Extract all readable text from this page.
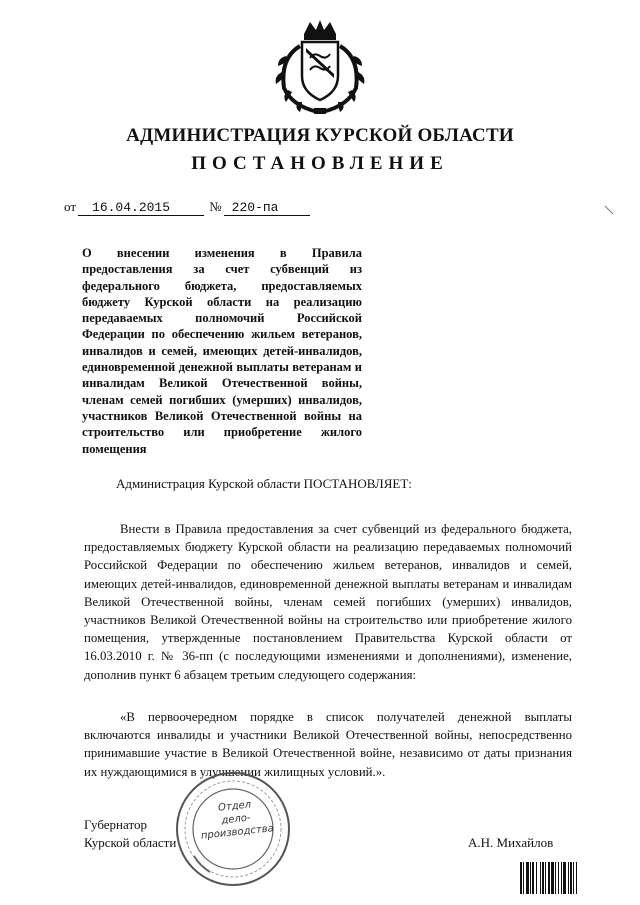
АДМИНИСТРАЦИЯ КУРСКОЙ ОБЛАСТИ
ПОСТАНОВЛЕНИЕ
от 16.04.2015	№ 220-па
О внесении изменения в Правила предоставления за счет субвенций из федерального бюджета, предоставляемых бюджету Курской области на реализацию передаваемых полномочий Российской Федерации по обеспечению жильем ветеранов, инвалидов и семей, имеющих детей-инвалидов, единовременной денежной выплаты ветеранам и инвалидам Великой Отечественной войны, членам семей погибших (умерших) инвалидов, участников Великой Отечественной войны на строительство или приобретение жилого помещения
Администрация Курской области ПОСТАНОВЛЯЕТ:
Внести в Правила предоставления за счет субвенций из федерального бюджета, предоставляемых бюджету Курской области на реализацию передаваемых полномочий Российской Федерации по обеспечению жильем ветеранов, инвалидов и семей, имеющих детей-инвалидов, единовременной денежной выплаты ветеранам и инвалидам Великой Отечественной войны, членам семей погибших (умерших) инвалидов, участников Великой Отечественной войны на строительство или приобретение жилого помещения, утвержденные постановлением Правительства Курской области от 16.03.2010 г. № 36-пп (с последующими изменениями и дополнениями), изменение, дополнив пункт 6 абзацем третьим следующего содержания:
«В первоочередном порядке в список получателей денежной выплаты включаются инвалиды и участники Великой Отечественной войны, непосредственно принимавшие участие в Великой Отечественной войне, независимо от даты признания их нуждающимися в улучшении жилищных условий.».
Губернатор
Курской области	А.Н. Михайлов
Отдел
дело-
производства
